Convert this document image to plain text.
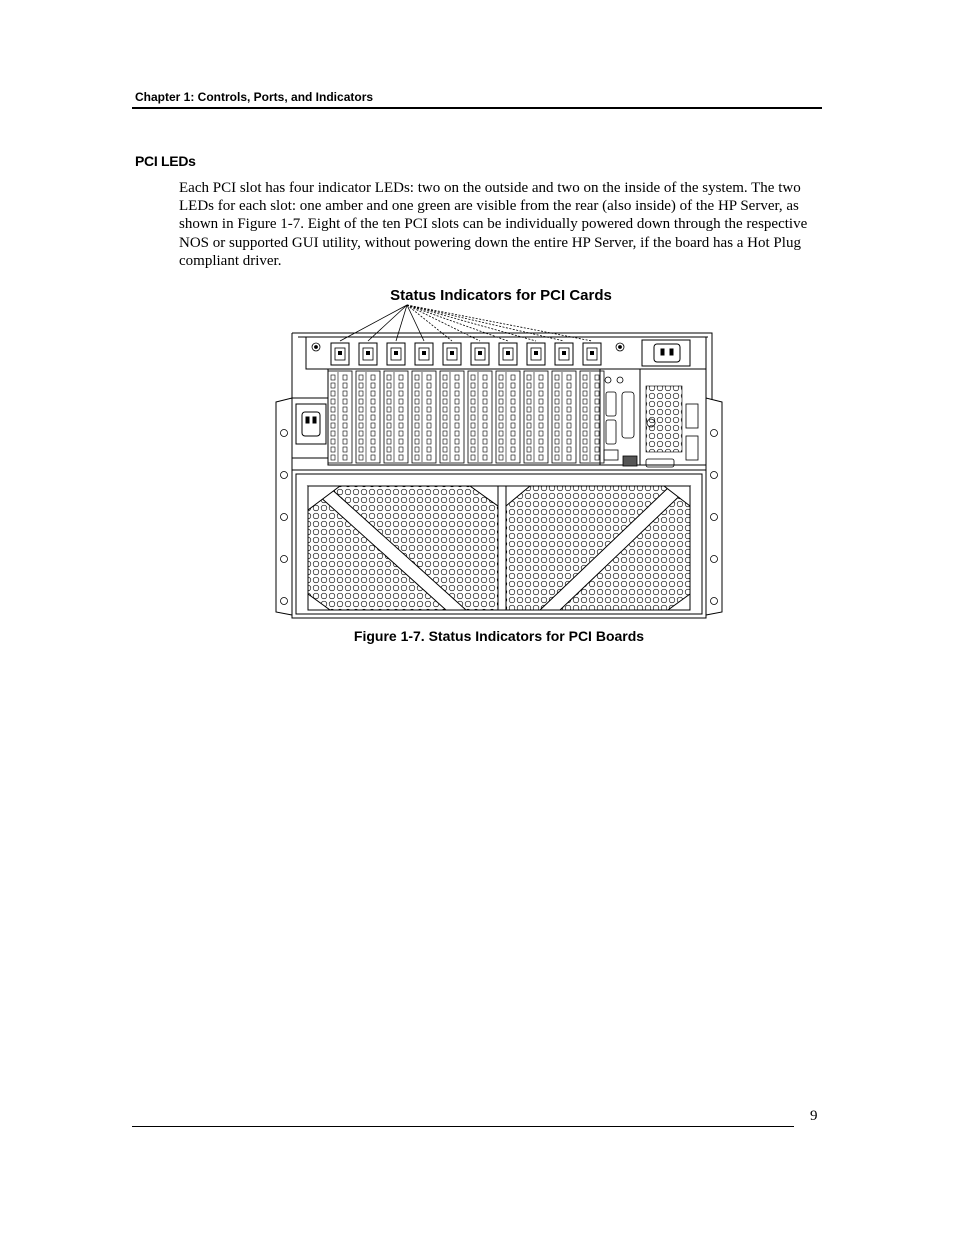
Chapter 1: Controls, Ports, and Indicators
PCI LEDs

Each PCI slot has four indicator LEDs: two on the outside and two on the inside of the system. The two LEDs for each slot: one amber and one green are visible from the rear (also inside) of the HP Server, as shown in Figure 1-7. Eight of the ten PCI slots can be individually powered down through the respective NOS or supported GUI utility, without powering down the entire HP Server, if the board has a Hot Plug compliant driver.

Status Indicators for PCI Cards
Figure 1-7. Status Indicators for PCI Boards
9
